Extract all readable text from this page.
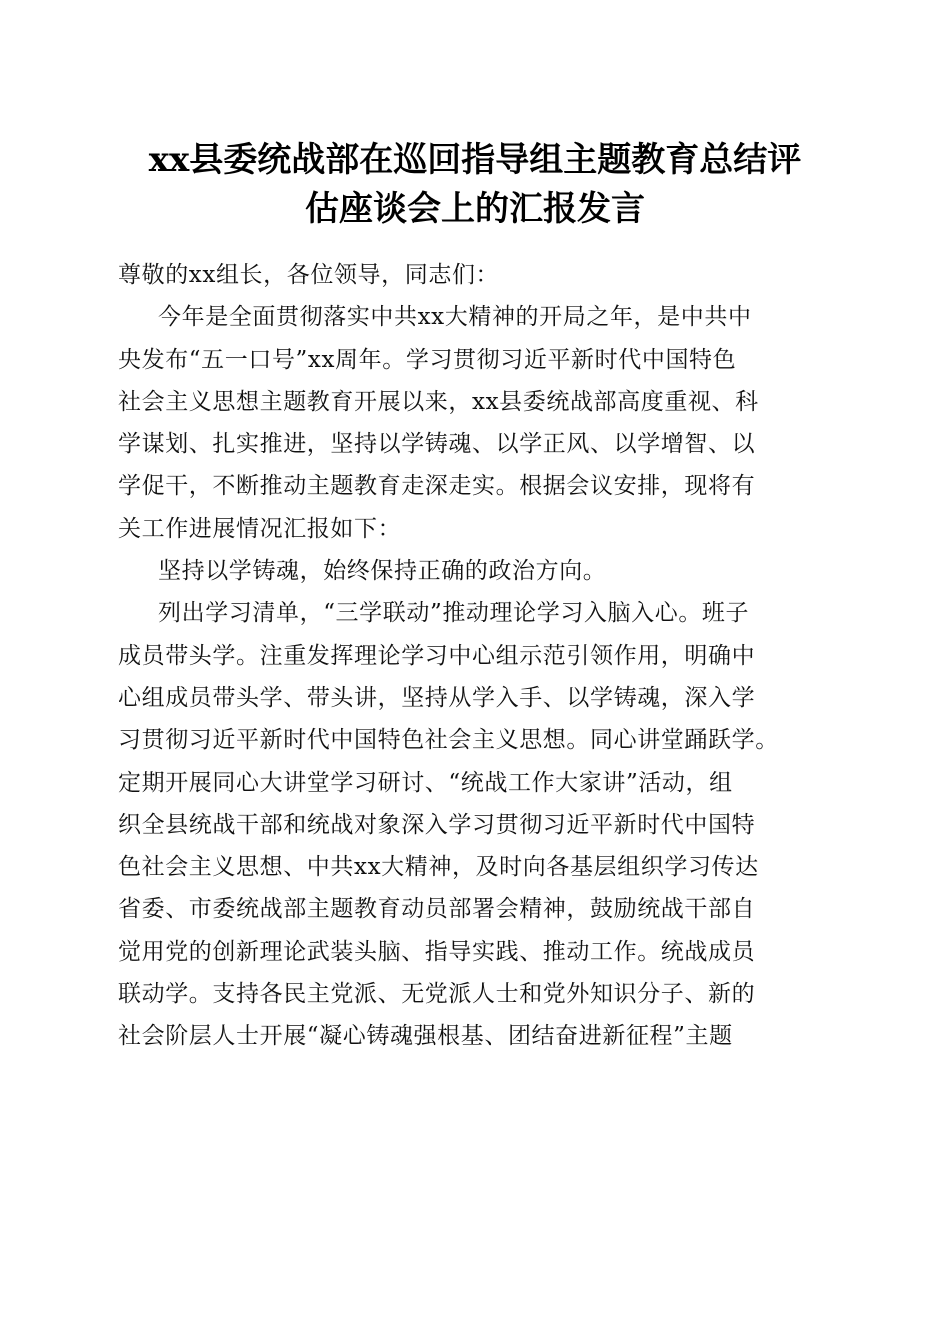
xx县委统战部在巡回指导组主题教育总结评
估座谈会上的汇报发言
尊敬的xx组长，各位领导，同志们：
今年是全面贯彻落实中共xx大精神的开局之年，是中共中
央发布“五一口号”xx周年。学习贯彻习近平新时代中国特色
社会主义思想主题教育开展以来，xx县委统战部高度重视、科
学谋划、扎实推进，坚持以学铸魂、以学正风、以学增智、以
学促干，不断推动主题教育走深走实。根据会议安排，现将有
关工作进展情况汇报如下：
坚持以学铸魂，始终保持正确的政治方向。
列出学习清单，“三学联动”推动理论学习入脑入心。班子
成员带头学。注重发挥理论学习中心组示范引领作用，明确中
心组成员带头学、带头讲，坚持从学入手、以学铸魂，深入学
习贯彻习近平新时代中国特色社会主义思想。同心讲堂踊跃学。
定期开展同心大讲堂学习研讨、“统战工作大家讲”活动，组
织全县统战干部和统战对象深入学习贯彻习近平新时代中国特
色社会主义思想、中共xx大精神，及时向各基层组织学习传达
省委、市委统战部主题教育动员部署会精神，鼓励统战干部自
觉用党的创新理论武装头脑、指导实践、推动工作。统战成员
联动学。支持各民主党派、无党派人士和党外知识分子、新的
社会阶层人士开展“凝心铸魂强根基、团结奋进新征程”主题
